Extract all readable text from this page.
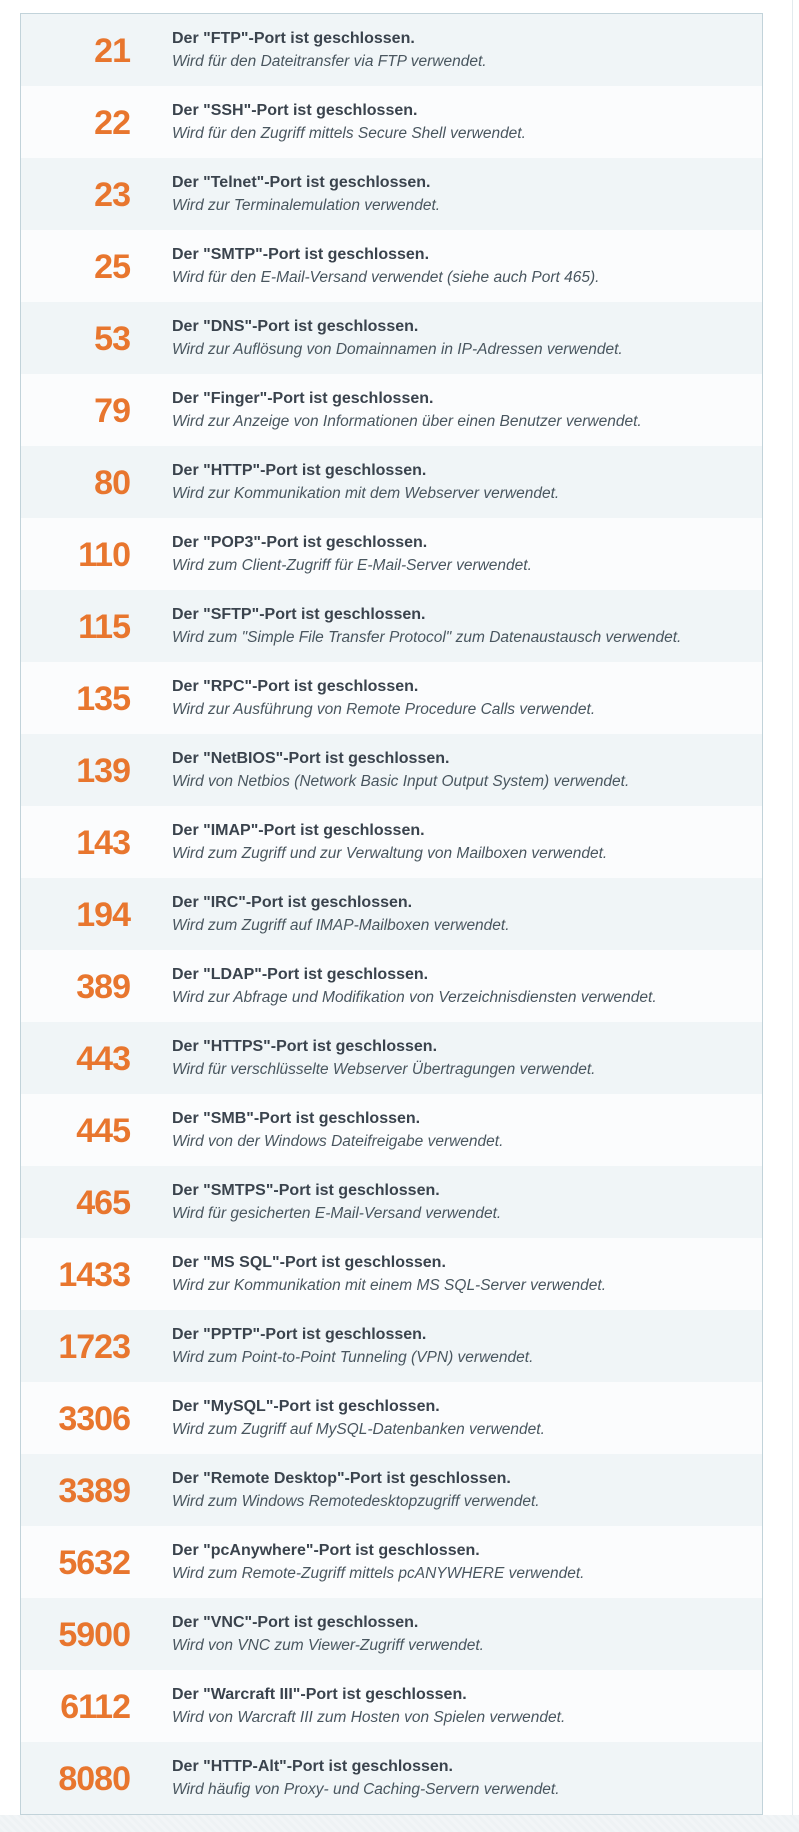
21	Der "FTP"-Port ist geschlossen.
Wird für den Dateitransfer via FTP verwendet.
22	Der "SSH"-Port ist geschlossen.
Wird für den Zugriff mittels Secure Shell verwendet.
23	Der "Telnet"-Port ist geschlossen.
Wird zur Terminalemulation verwendet.
25	Der "SMTP"-Port ist geschlossen.
Wird für den E-Mail-Versand verwendet (siehe auch Port 465).
53	Der "DNS"-Port ist geschlossen.
Wird zur Auflösung von Domainnamen in IP-Adressen verwendet.
79	Der "Finger"-Port ist geschlossen.
Wird zur Anzeige von Informationen über einen Benutzer verwendet.
80	Der "HTTP"-Port ist geschlossen.
Wird zur Kommunikation mit dem Webserver verwendet.
110	Der "POP3"-Port ist geschlossen.
Wird zum Client-Zugriff für E-Mail-Server verwendet.
115	Der "SFTP"-Port ist geschlossen.
Wird zum "Simple File Transfer Protocol" zum Datenaustausch verwendet.
135	Der "RPC"-Port ist geschlossen.
Wird zur Ausführung von Remote Procedure Calls verwendet.
139	Der "NetBIOS"-Port ist geschlossen.
Wird von Netbios (Network Basic Input Output System) verwendet.
143	Der "IMAP"-Port ist geschlossen.
Wird zum Zugriff und zur Verwaltung von Mailboxen verwendet.
194	Der "IRC"-Port ist geschlossen.
Wird zum Zugriff auf IMAP-Mailboxen verwendet.
389	Der "LDAP"-Port ist geschlossen.
Wird zur Abfrage und Modifikation von Verzeichnisdiensten verwendet.
443	Der "HTTPS"-Port ist geschlossen.
Wird für verschlüsselte Webserver Übertragungen verwendet.
445	Der "SMB"-Port ist geschlossen.
Wird von der Windows Dateifreigabe verwendet.
465	Der "SMTPS"-Port ist geschlossen.
Wird für gesicherten E-Mail-Versand verwendet.
1433	Der "MS SQL"-Port ist geschlossen.
Wird zur Kommunikation mit einem MS SQL-Server verwendet.
1723	Der "PPTP"-Port ist geschlossen.
Wird zum Point-to-Point Tunneling (VPN) verwendet.
3306	Der "MySQL"-Port ist geschlossen.
Wird zum Zugriff auf MySQL-Datenbanken verwendet.
3389	Der "Remote Desktop"-Port ist geschlossen.
Wird zum Windows Remotedesktopzugriff verwendet.
5632	Der "pcAnywhere"-Port ist geschlossen.
Wird zum Remote-Zugriff mittels pcANYWHERE verwendet.
5900	Der "VNC"-Port ist geschlossen.
Wird von VNC zum Viewer-Zugriff verwendet.
6112	Der "Warcraft III"-Port ist geschlossen.
Wird von Warcraft III zum Hosten von Spielen verwendet.
8080	Der "HTTP-Alt"-Port ist geschlossen.
Wird häufig von Proxy- und Caching-Servern verwendet.
